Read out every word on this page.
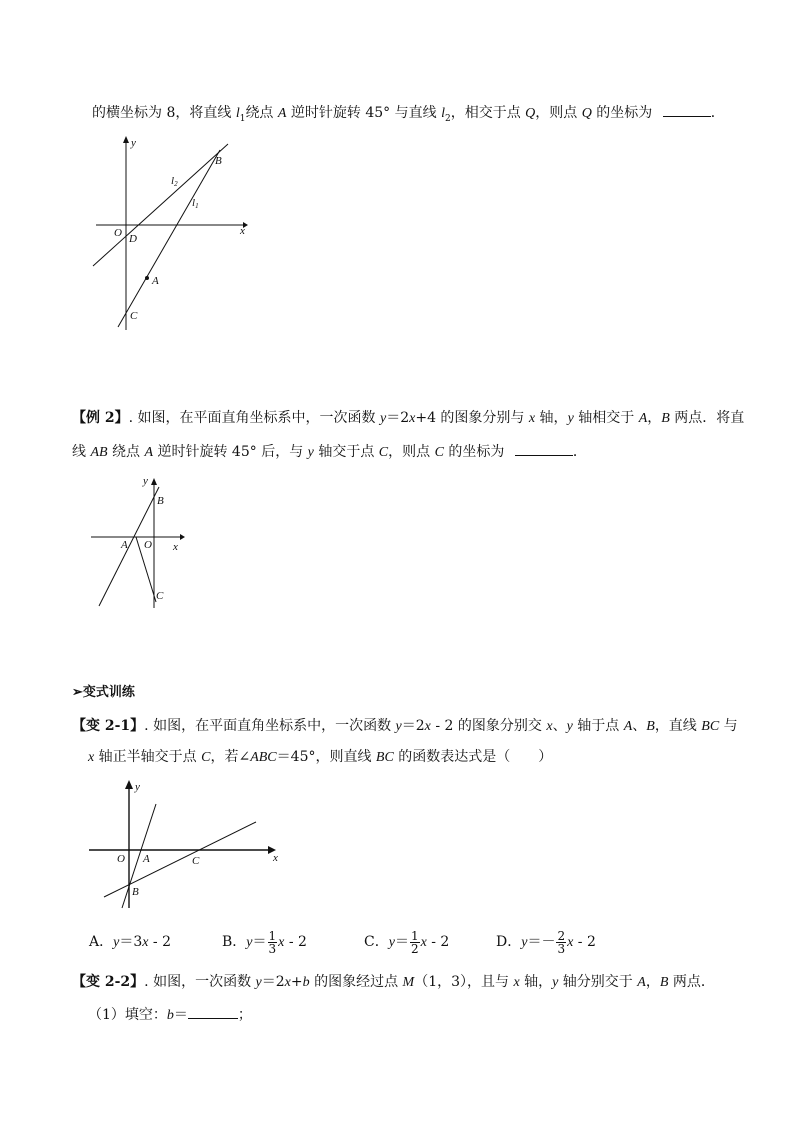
的横坐标为 8，将直线 $l_1$绕点 A 逆时针旋转 45° 与直线 $l_2$，相交于点 Q，则点 Q 的坐标为	．
y
x
O D
A
B
C
l2
l1
【例 2】. 如图，在平面直角坐标系中，一次函数 y＝2x+4 的图象分别与 x 轴，y 轴相交于 A，B 两点．将直
线 AB 绕点 A 逆时针旋转 45° 后，与 y 轴交于点 C，则点 C 的坐标为	．
y
x
A O
B
C
➢变式训练
【变 2-1】. 如图，在平面直角坐标系中，一次函数 y＝2x - 2 的图象分别交 x、y 轴于点 A、B，直线 BC 与
x 轴正半轴交于点 C，若∠ABC＝45°，则直线 BC 的函数表达式是（　　）
y
x
O A	C
B
A．y＝3x - 2	B．$y= \frac{1}{3}$ x - 2	C．$y= \frac{1}{2}$ x - 2	D．$y=- \frac{2}{3}$ x - 2
【变 2-2】. 如图，一次函数 y＝2x+b 的图象经过点 M（1，3），且与 x 轴，y 轴分别交于 A，B 两点．
（1）填空：b＝	；
